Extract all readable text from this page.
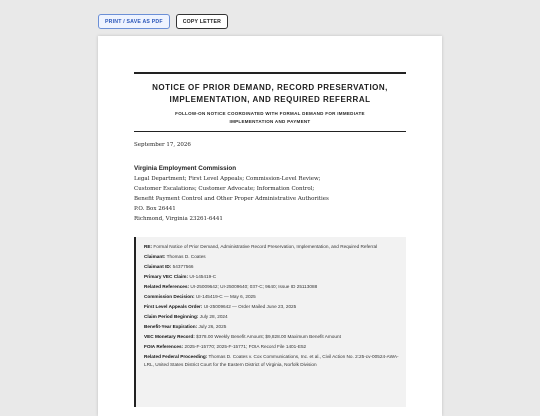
PRINT / SAVE AS PDF	COPY LETTER
NOTICE OF PRIOR DEMAND, RECORD PRESERVATION,
IMPLEMENTATION, AND REQUIRED REFERRAL
FOLLOW-ON NOTICE COORDINATED WITH FORMAL DEMAND FOR IMMEDIATE
IMPLEMENTATION AND PAYMENT
September 17, 2026
Virginia Employment Commission
Legal Department; First Level Appeals; Commission-Level Review;
Customer Escalations; Customer Advocate; Information Control;
Benefit Payment Control and Other Proper Administrative Authorities
P.O. Box 26441
Richmond, Virginia 23261-6441
RE: Formal Notice of Prior Demand, Administrative Record Preservation, Implementation, and Required Referral
Claimant: Thomas D. Coates
Claimant ID: 54377566
Primary VEC Claim: UI-145419-C
Related References: UI-25009642; UI-25009640; 037-C; 9640; Issue ID 25113088
Commission Decision: UI-145419-C — May 6, 2025
First Level Appeals Order: UI-25009642 — Order Mailed June 23, 2025
Claim Period Beginning: July 28, 2024
Benefit-Year Expiration: July 26, 2025
VEC Monetary Record: $378.00 Weekly Benefit Amount; $9,828.00 Maximum Benefit Amount
FOIA References: 2025-F-15770; 2025-F-15771; FOIA Record File 1401-E52
Related Federal Proceeding: Thomas D. Coates v. Cox Communications, Inc. et al., Civil Action No. 2:25-cv-00524-AWA-LRL, United States District Court for the Eastern District of Virginia, Norfolk Division
